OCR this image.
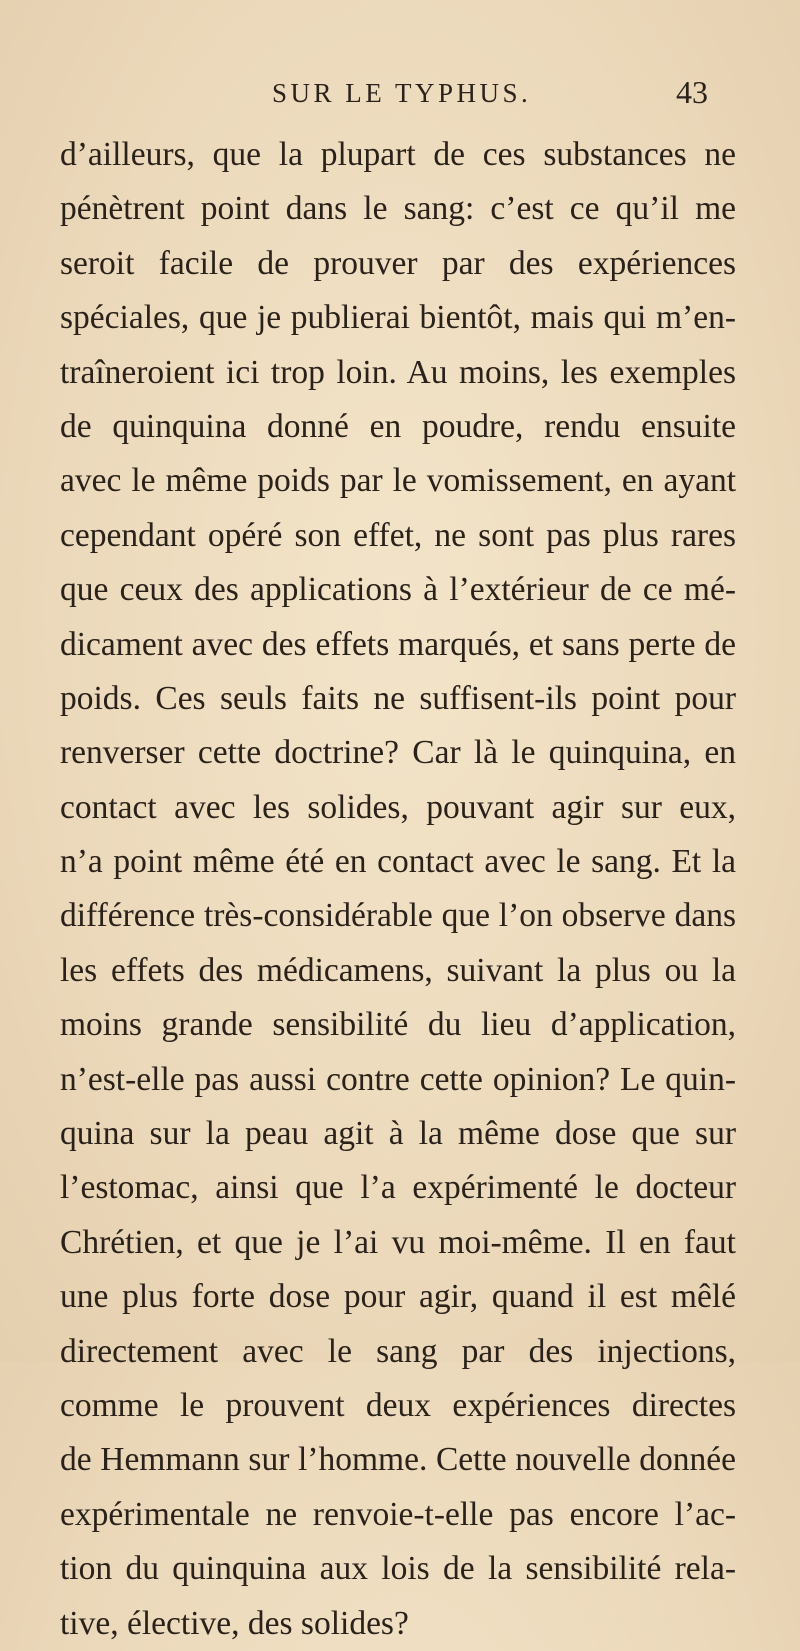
SUR LE TYPHUS.	43
d’ailleurs, que la plupart de ces substances ne
pénètrent point dans le sang: c’est ce qu’il me
seroit facile de prouver par des expériences
spéciales, que je publierai bientôt, mais qui m’en-
traîneroient ici trop loin. Au moins, les exemples
de quinquina donné en poudre, rendu ensuite
avec le même poids par le vomissement, en ayant
cependant opéré son effet, ne sont pas plus rares
que ceux des applications à l’extérieur de ce mé-
dicament avec des effets marqués, et sans perte de
poids. Ces seuls faits ne suffisent-ils point pour
renverser cette doctrine? Car là le quinquina, en
contact avec les solides, pouvant agir sur eux,
n’a point même été en contact avec le sang. Et la
différence très-considérable que l’on observe dans
les effets des médicamens, suivant la plus ou la
moins grande sensibilité du lieu d’application,
n’est-elle pas aussi contre cette opinion? Le quin-
quina sur la peau agit à la même dose que sur
l’estomac, ainsi que l’a expérimenté le docteur
Chrétien, et que je l’ai vu moi-même. Il en faut
une plus forte dose pour agir, quand il est mêlé
directement avec le sang par des injections,
comme le prouvent deux expériences directes
de Hemmann sur l’homme. Cette nouvelle donnée
expérimentale ne renvoie-t-elle pas encore l’ac-
tion du quinquina aux lois de la sensibilité rela-
tive, élective, des solides?
